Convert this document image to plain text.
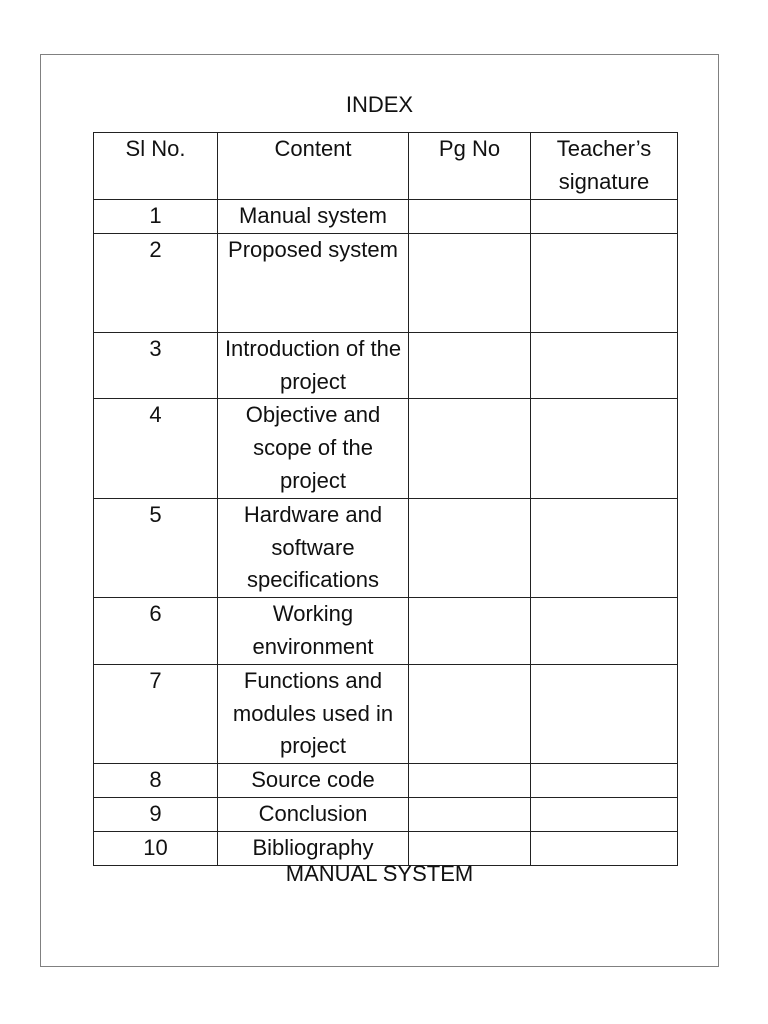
INDEX
Sl No.	Content	Pg No	Teacher’s signature
1	Manual system		
2	Proposed system		
3	Introduction of the project		
4	Objective and scope of the project		
5	Hardware and software specifications		
6	Working environment		
7	Functions and modules used in project		
8	Source code		
9	Conclusion		
10	Bibliography		
MANUAL SYSTEM
